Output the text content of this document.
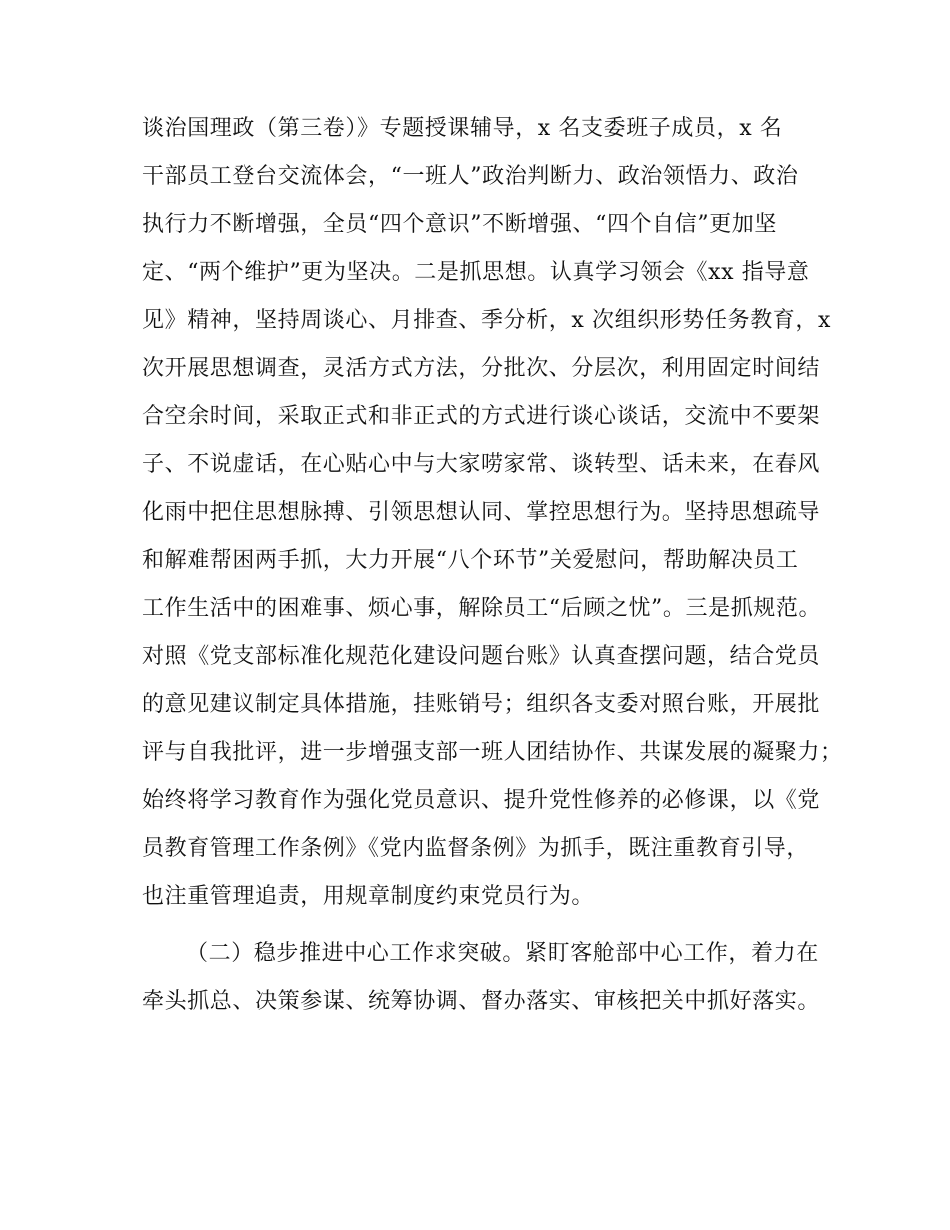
谈治国理政（第三卷）》专题授课辅导，x 名支委班子成员，x 名
干部员工登台交流体会，“一班人”政治判断力、政治领悟力、政治
执行力不断增强，全员“四个意识”不断增强、“四个自信”更加坚
定、“两个维护”更为坚决。二是抓思想。认真学习领会《xx 指导意
见》精神，坚持周谈心、月排查、季分析，x 次组织形势任务教育，x
次开展思想调查，灵活方式方法，分批次、分层次，利用固定时间结
合空余时间，采取正式和非正式的方式进行谈心谈话，交流中不要架
子、不说虚话，在心贴心中与大家唠家常、谈转型、话未来，在春风
化雨中把住思想脉搏、引领思想认同、掌控思想行为。坚持思想疏导
和解难帮困两手抓，大力开展“八个环节”关爱慰问，帮助解决员工
工作生活中的困难事、烦心事，解除员工“后顾之忧”。三是抓规范。
对照《党支部标准化规范化建设问题台账》认真查摆问题，结合党员
的意见建议制定具体措施，挂账销号；组织各支委对照台账，开展批
评与自我批评，进一步增强支部一班人团结协作、共谋发展的凝聚力；
始终将学习教育作为强化党员意识、提升党性修养的必修课，以《党
员教育管理工作条例》《党内监督条例》为抓手，既注重教育引导，
也注重管理追责，用规章制度约束党员行为。
（二）稳步推进中心工作求突破。紧盯客舱部中心工作，着力在
牵头抓总、决策参谋、统筹协调、督办落实、审核把关中抓好落实。
